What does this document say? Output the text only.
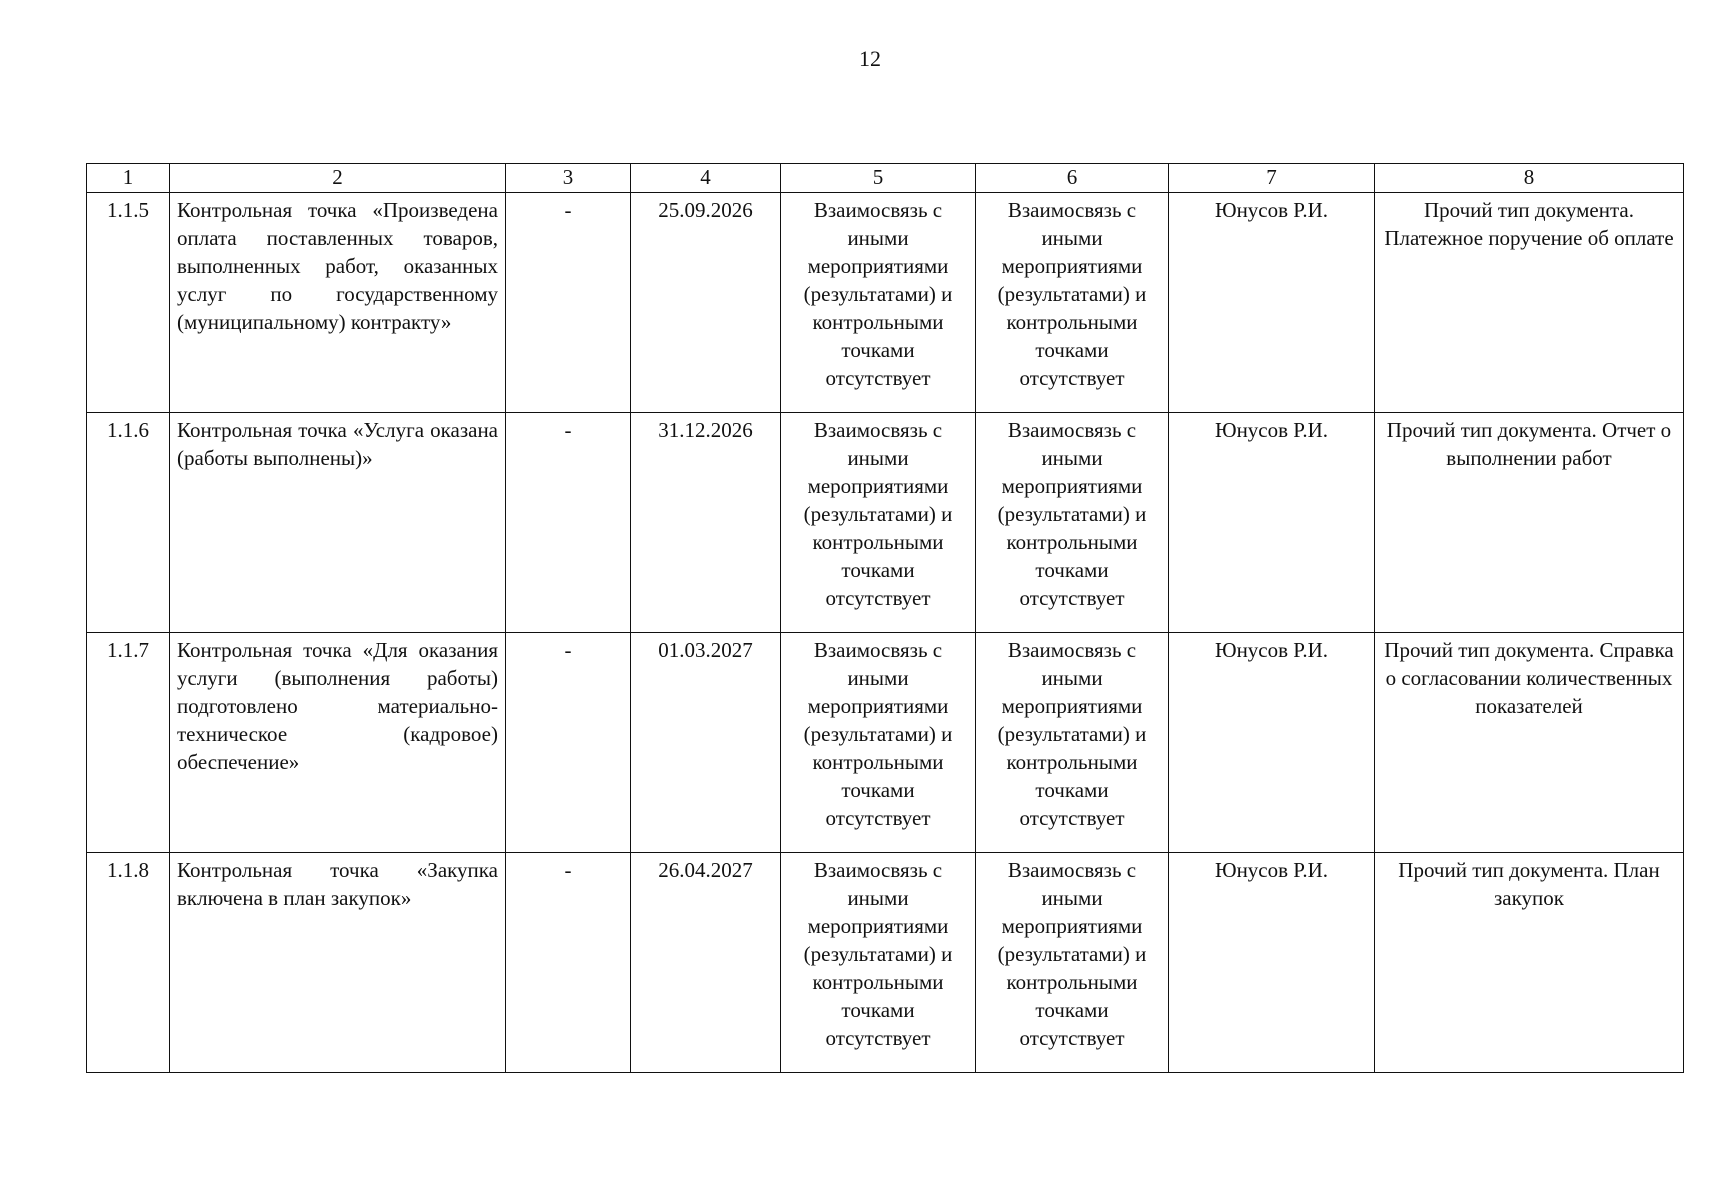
12
1	2	3	4	5	6	7	8
1.1.5	Контрольная точка «Произведена оплата поставленных товаров, выполненных работ, оказанных услуг по государственному (муниципальному) контракту»	-	25.09.2026	Взаимосвязь с иными мероприятиями (результатами) и контрольными точками отсутствует	Взаимосвязь с иными мероприятиями (результатами) и контрольными точками отсутствует	Юнусов Р.И.	Прочий тип документа. Платежное поручение об оплате
1.1.6	Контрольная точка «Услуга оказана (работы выполнены)»	-	31.12.2026	Взаимосвязь с иными мероприятиями (результатами) и контрольными точками отсутствует	Взаимосвязь с иными мероприятиями (результатами) и контрольными точками отсутствует	Юнусов Р.И.	Прочий тип документа. Отчет о выполнении работ
1.1.7	Контрольная точка «Для оказания услуги (выполнения работы) подготовлено материально-техническое (кадровое) обеспечение»	-	01.03.2027	Взаимосвязь с иными мероприятиями (результатами) и контрольными точками отсутствует	Взаимосвязь с иными мероприятиями (результатами) и контрольными точками отсутствует	Юнусов Р.И.	Прочий тип документа. Справка о согласовании количественных показателей
1.1.8	Контрольная точка «Закупка включена в план закупок»	-	26.04.2027	Взаимосвязь с иными мероприятиями (результатами) и контрольными точками отсутствует	Взаимосвязь с иными мероприятиями (результатами) и контрольными точками отсутствует	Юнусов Р.И.	Прочий тип документа. План закупок
